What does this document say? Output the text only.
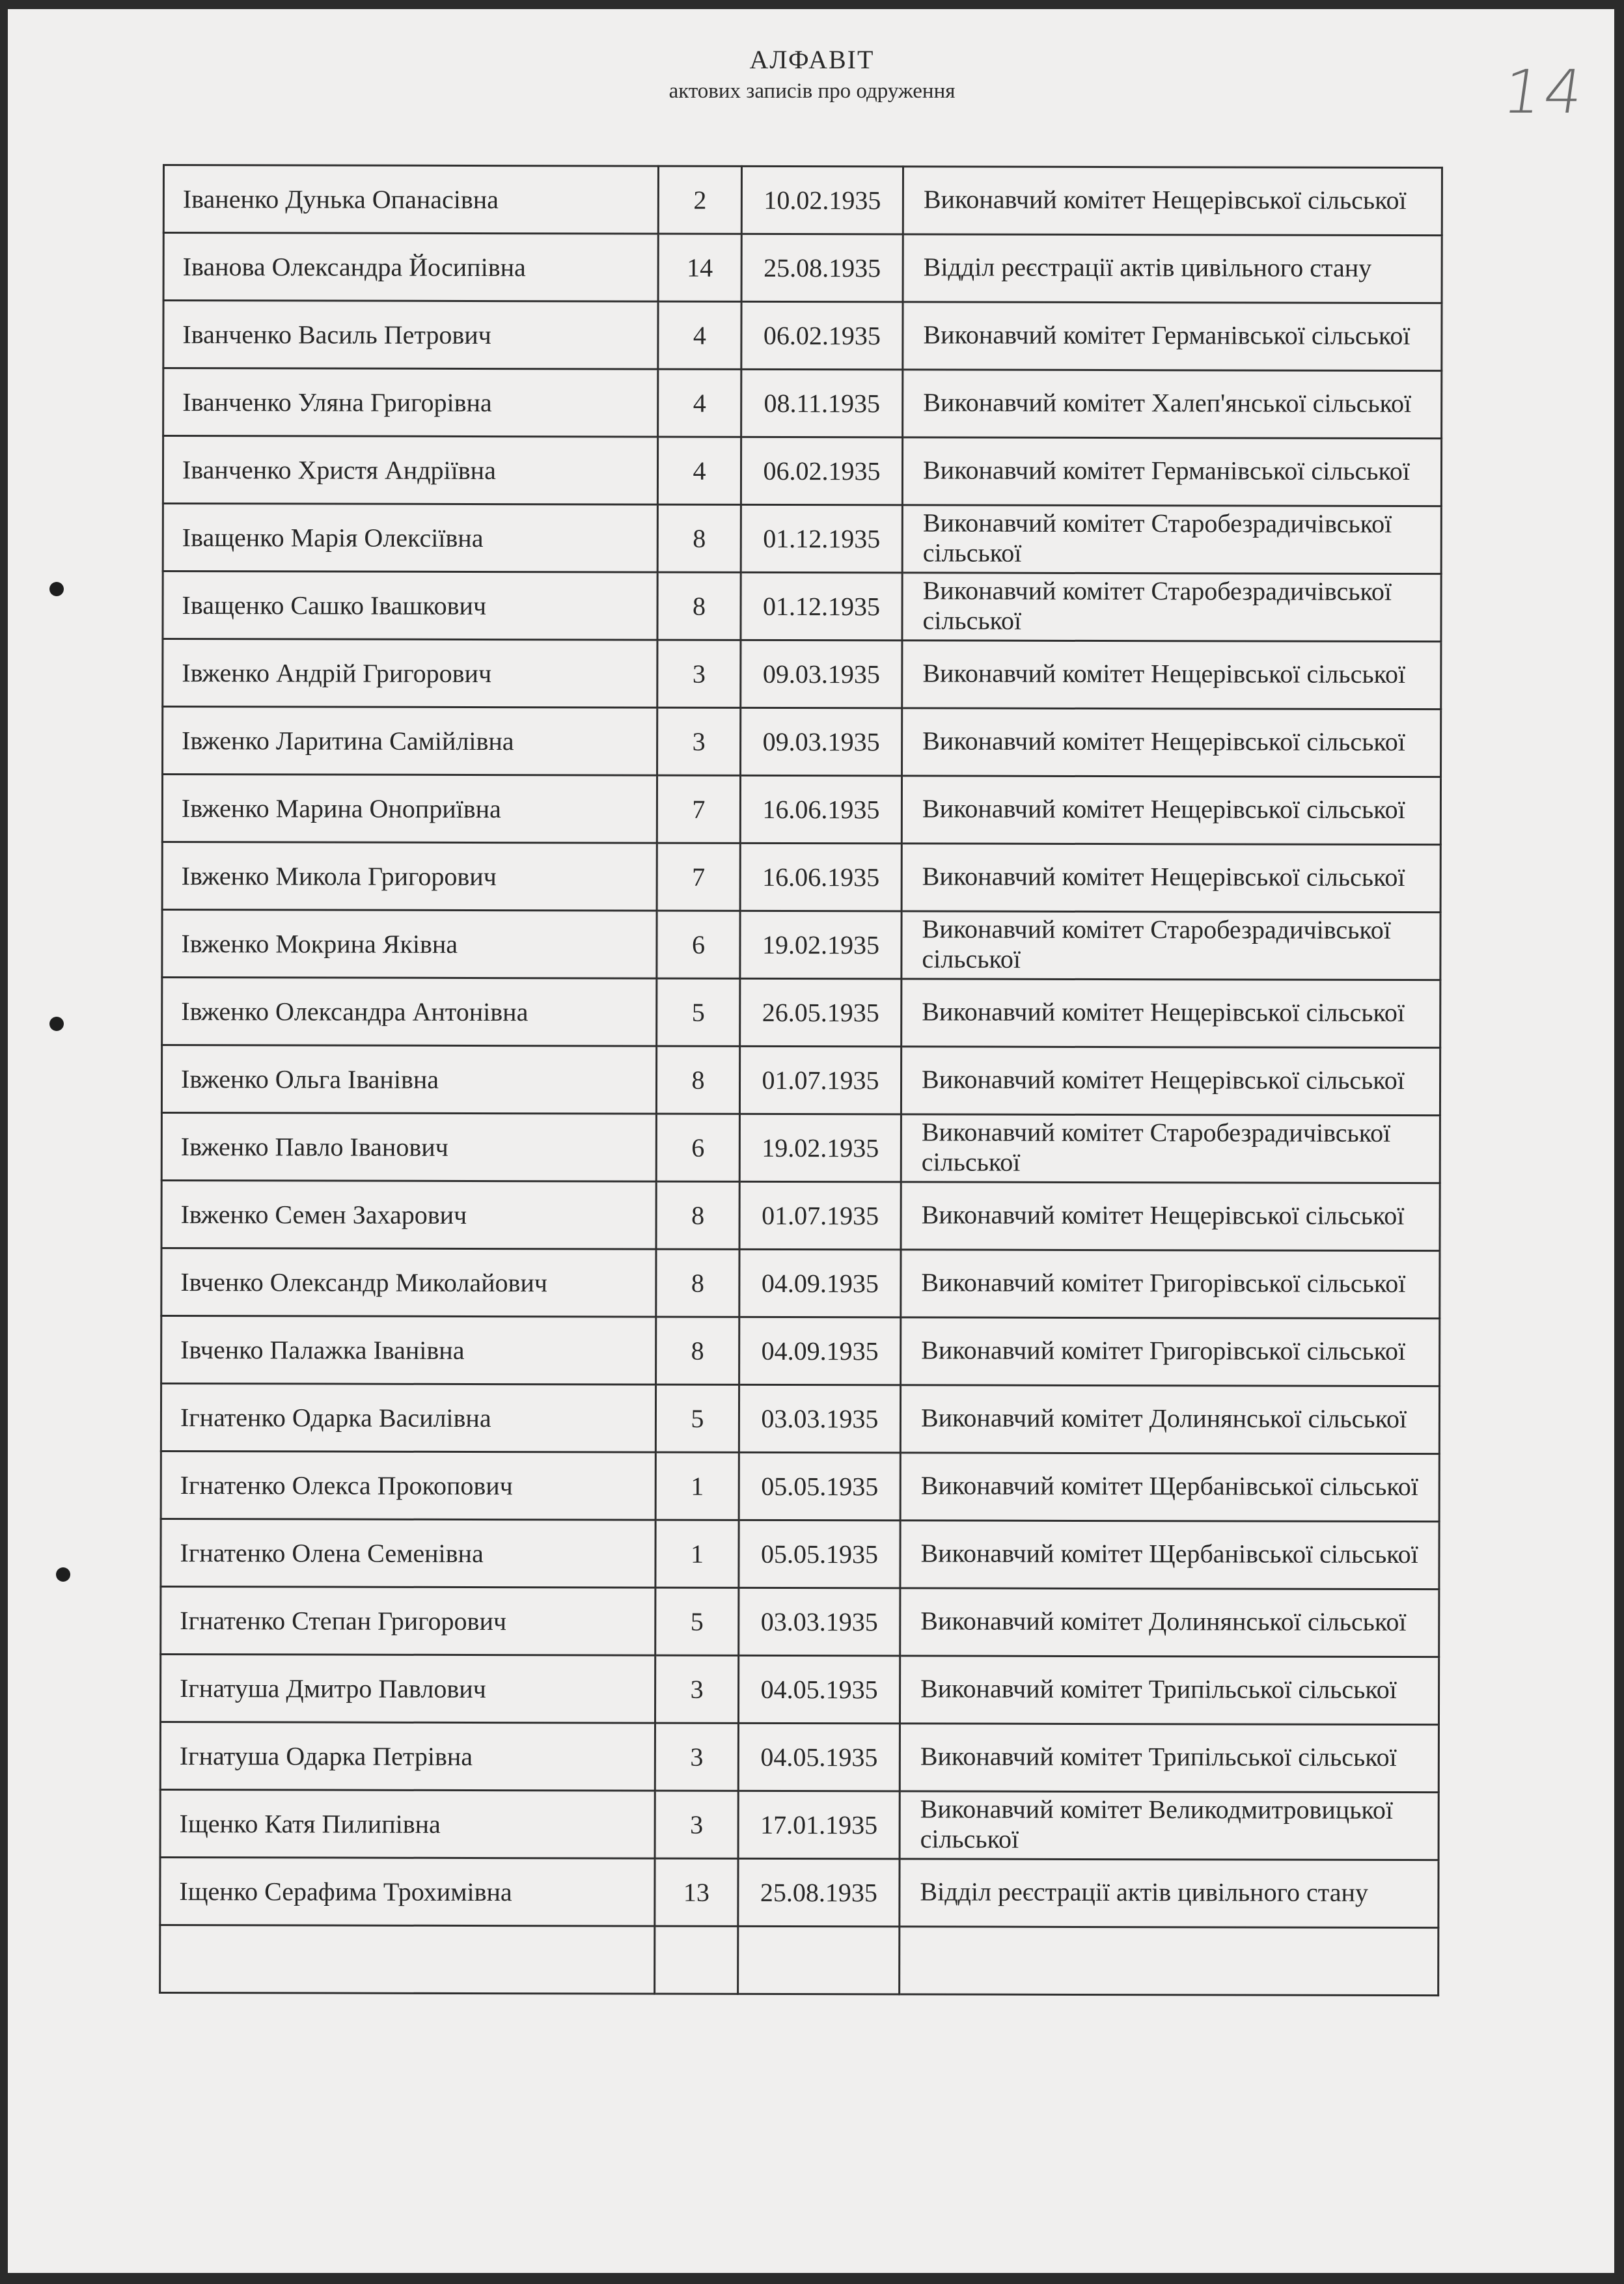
14
АЛФАВІТ
актових записів про одруження
Іваненко Дунька Опанасівна	2	10.02.1935	Виконавчий комітет Нещерівської сільської

Іванова Олександра Йосипівна	14	25.08.1935	Відділ реєстрації актів цивільного стану

Іванченко Василь Петрович	4	06.02.1935	Виконавчий комітет Германівської сільської

Іванченко Уляна Григорівна	4	08.11.1935	Виконавчий комітет Халеп'янської сільської

Іванченко Христя Андріївна	4	06.02.1935	Виконавчий комітет Германівської сільської

Іващенко Марія Олексіївна	8	01.12.1935	Виконавчий комітет Старобезрадичівської сільської

Іващенко Сашко Івашкович	8	01.12.1935	Виконавчий комітет Старобезрадичівської сільської

Івженко Андрій Григорович	3	09.03.1935	Виконавчий комітет Нещерівської сільської

Івженко Ларитина Самійлівна	3	09.03.1935	Виконавчий комітет Нещерівської сільської

Івженко Марина Оноприївна	7	16.06.1935	Виконавчий комітет Нещерівської сільської

Івженко Микола Григорович	7	16.06.1935	Виконавчий комітет Нещерівської сільської

Івженко Мокрина Яківна	6	19.02.1935	Виконавчий комітет Старобезрадичівської сільської

Івженко Олександра Антонівна	5	26.05.1935	Виконавчий комітет Нещерівської сільської

Івженко Ольга Іванівна	8	01.07.1935	Виконавчий комітет Нещерівської сільської

Івженко Павло Іванович	6	19.02.1935	Виконавчий комітет Старобезрадичівської сільської

Івженко Семен Захарович	8	01.07.1935	Виконавчий комітет Нещерівської сільської

Івченко Олександр Миколайович	8	04.09.1935	Виконавчий комітет Григорівської сільської

Івченко Палажка Іванівна	8	04.09.1935	Виконавчий комітет Григорівської сільської

Ігнатенко Одарка Василівна	5	03.03.1935	Виконавчий комітет Долинянської сільської

Ігнатенко Олекса Прокопович	1	05.05.1935	Виконавчий комітет Щербанівської сільської

Ігнатенко Олена Семенівна	1	05.05.1935	Виконавчий комітет Щербанівської сільської

Ігнатенко Степан Григорович	5	03.03.1935	Виконавчий комітет Долинянської сільської

Ігнатуша Дмитро Павлович	3	04.05.1935	Виконавчий комітет Трипільської сільської

Ігнатуша Одарка Петрівна	3	04.05.1935	Виконавчий комітет Трипільської сільської

Іщенко Катя Пилипівна	3	17.01.1935	Виконавчий комітет Великодмитровицької сільської

Іщенко Серафима Трохимівна	13	25.08.1935	Відділ реєстрації актів цивільного стану
